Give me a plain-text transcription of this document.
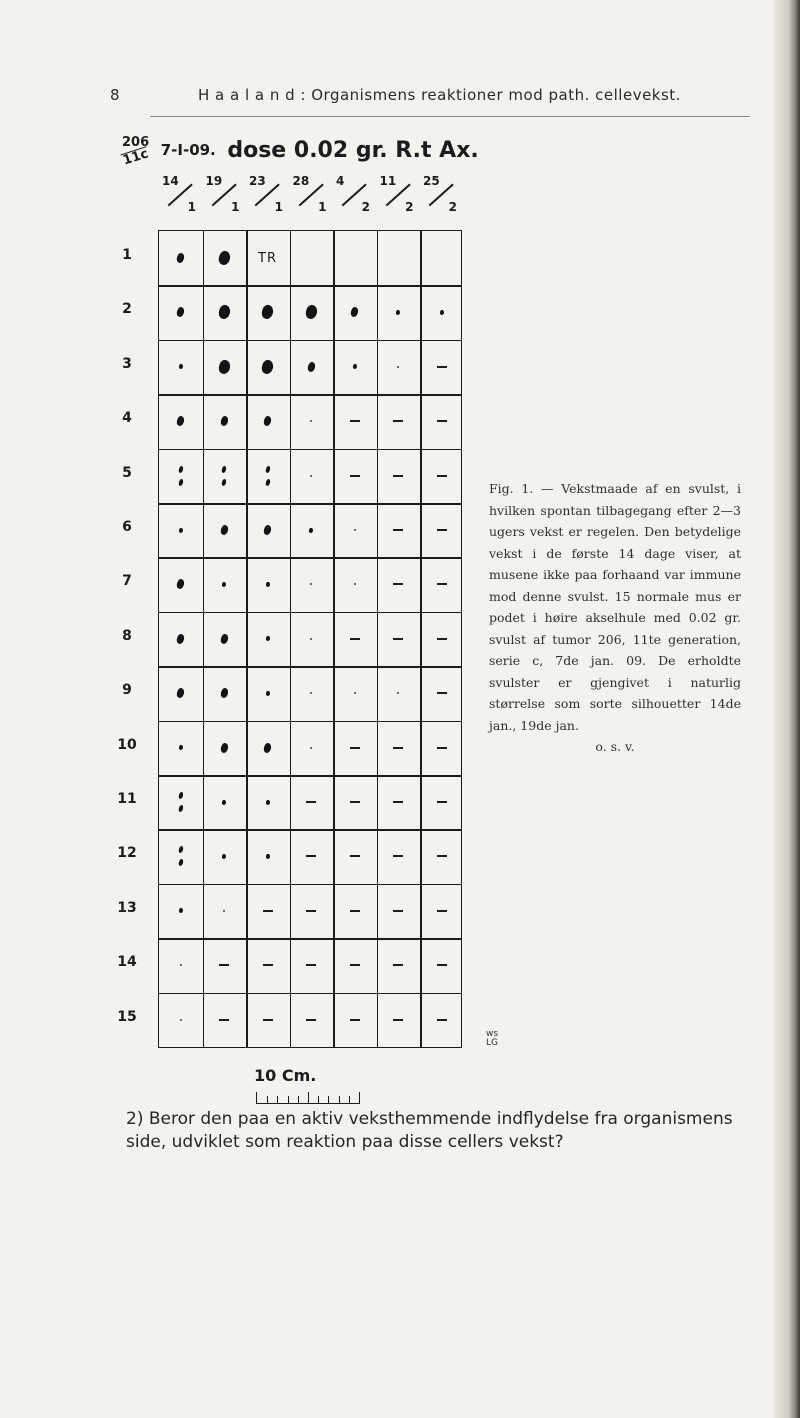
8	H a a l a n d : Organismens reaktioner mod path. cellevekst.
$\frac{206}{11c} 7-I-09$. dose 0.02 gr. R.t Ax.
14
1
19
1
23
1
28
1
4
2
11
2
25
2
1
2
3
4
5
6
7
8
9
10
11
12
13
14
15
TR
Fig. 1. — Vekstmaade af en svulst, i hvilken spontan tilbagegang efter 2—3 ugers vekst er regelen. Den betydelige vekst i de første 14 dage viser, at musene ikke paa forhaand var immune mod denne svulst. 15 normale mus er podet i høire akselhule med 0.02 gr. svulst af tumor 206, 11te generation, serie c, 7de jan. 09. De erholdte svulster er gjengivet i naturlig størrelse som sorte silhouetter 14de jan., 19de jan.
o. s. v.
ws
LG
10 Cm.
2) Beror den paa en aktiv veksthemmende indflydelse fra organismens side, udviklet som reaktion paa disse cellers vekst?
